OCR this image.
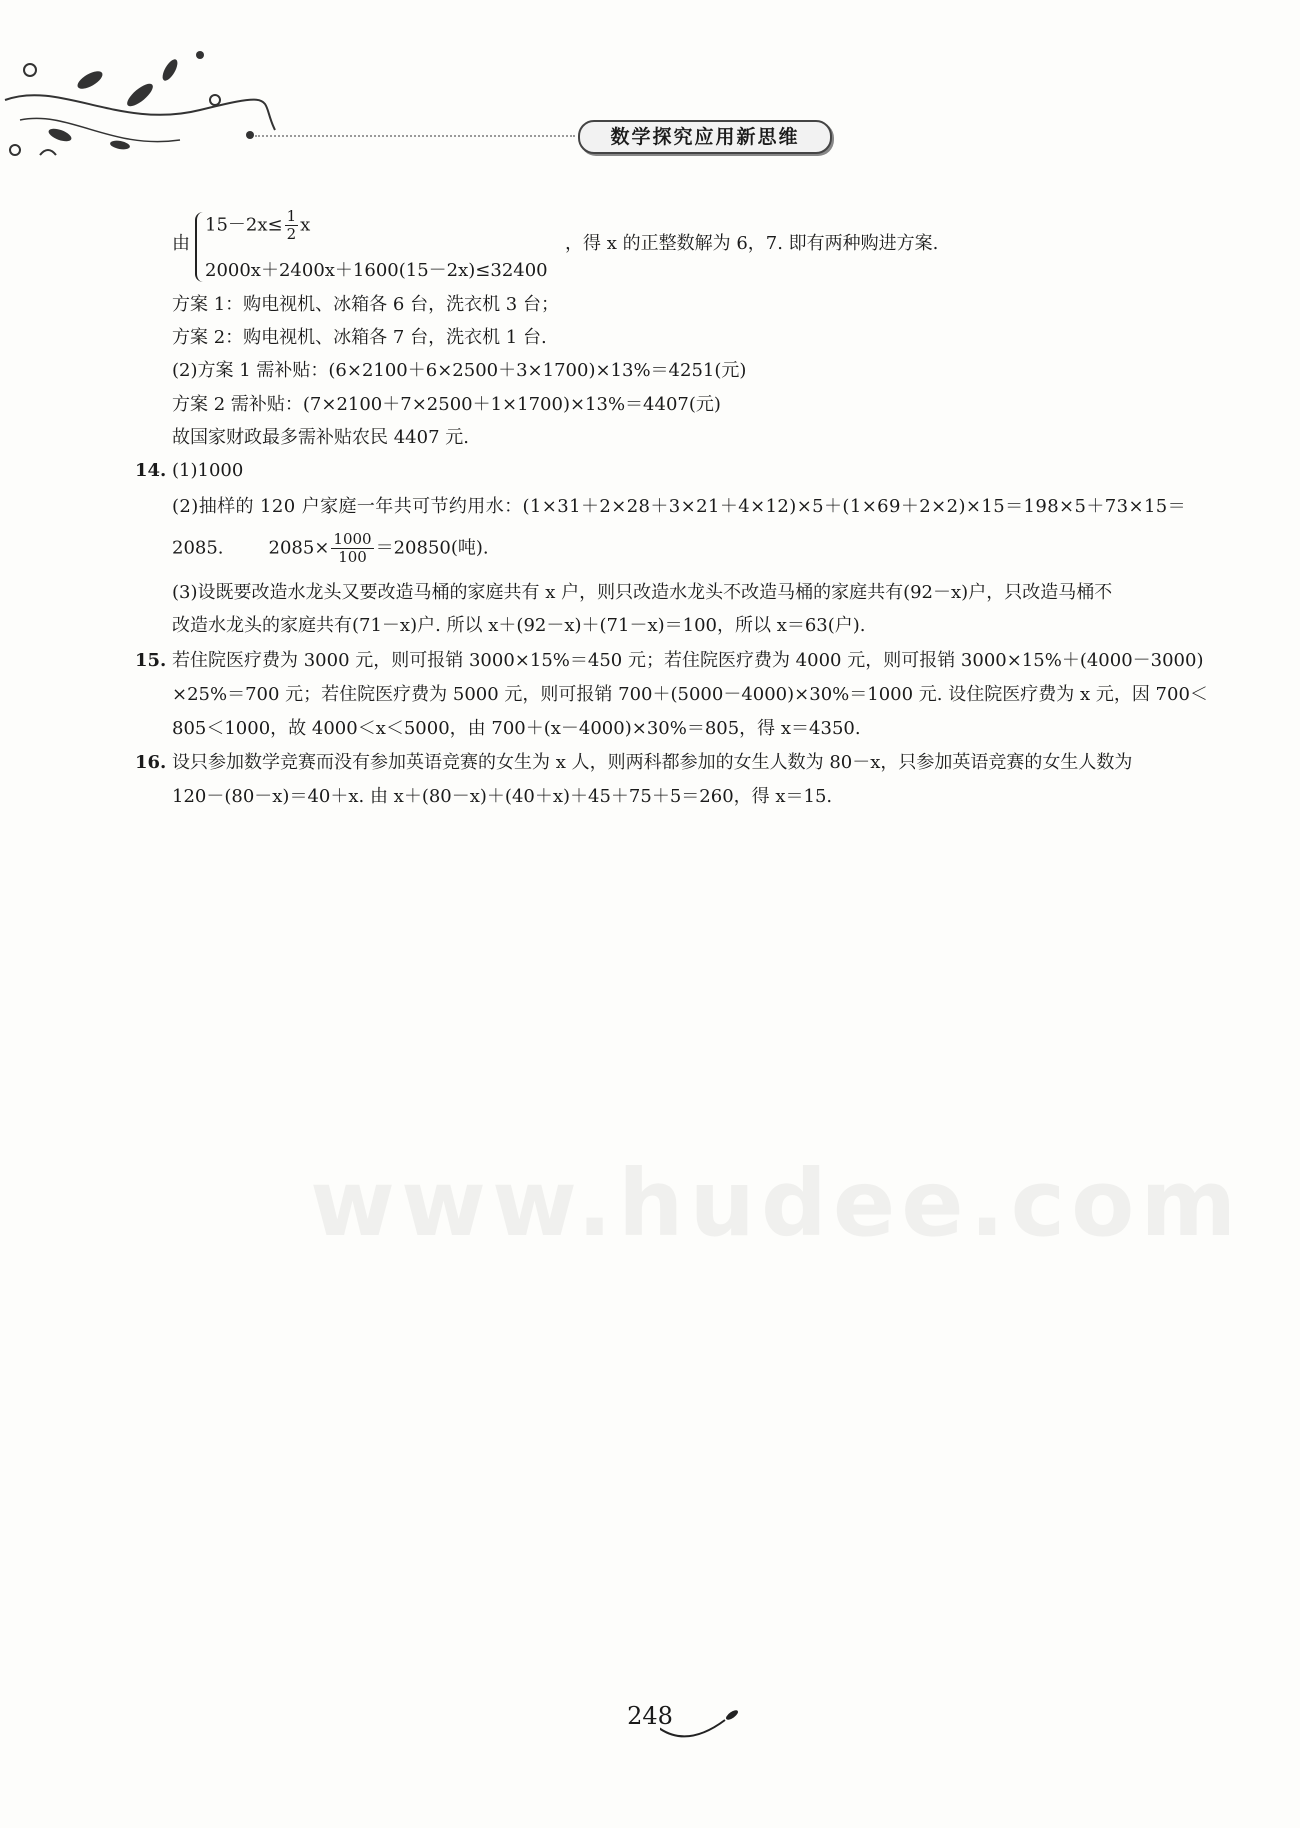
数学探究应用新思维
由
$15-2x\le \frac{1}{2}$ x
2000x＋2400x＋1600(15－2x)≤32400
，得 x 的正整数解为 6，7. 即有两种购进方案.
方案 1：购电视机、冰箱各 6 台，洗衣机 3 台；
方案 2：购电视机、冰箱各 7 台，洗衣机 1 台.
(2)方案 1 需补贴：(6×2100＋6×2500＋3×1700)×13%＝4251(元)
方案 2 需补贴：(7×2100＋7×2500＋1×1700)×13%＝4407(元)
故国家财政最多需补贴农民 4407 元.
14. (1)1000
(2)抽样的 120 户家庭一年共可节约用水：(1×31＋2×28＋3×21＋4×12)×5＋(1×69＋2×2)×15＝198×5＋73×15＝
2085.	$2085\times \frac{1000}{100} =20850$(吨).
(3)设既要改造水龙头又要改造马桶的家庭共有 x 户，则只改造水龙头不改造马桶的家庭共有(92－x)户，只改造马桶不
改造水龙头的家庭共有(71－x)户. 所以 x＋(92－x)＋(71－x)＝100，所以 x＝63(户).
15. 若住院医疗费为 3000 元，则可报销 3000×15%＝450 元；若住院医疗费为 4000 元，则可报销 3000×15%＋(4000－3000)
×25%＝700 元；若住院医疗费为 5000 元，则可报销 700＋(5000－4000)×30%＝1000 元. 设住院医疗费为 x 元，因 700＜
805＜1000，故 4000＜x＜5000，由 700＋(x－4000)×30%＝805，得 x＝4350.
16. 设只参加数学竞赛而没有参加英语竞赛的女生为 x 人，则两科都参加的女生人数为 80－x，只参加英语竞赛的女生人数为
120－(80－x)＝40＋x. 由 x＋(80－x)＋(40＋x)＋45＋75＋5＝260，得 x＝15.
www.hudee.com
248
